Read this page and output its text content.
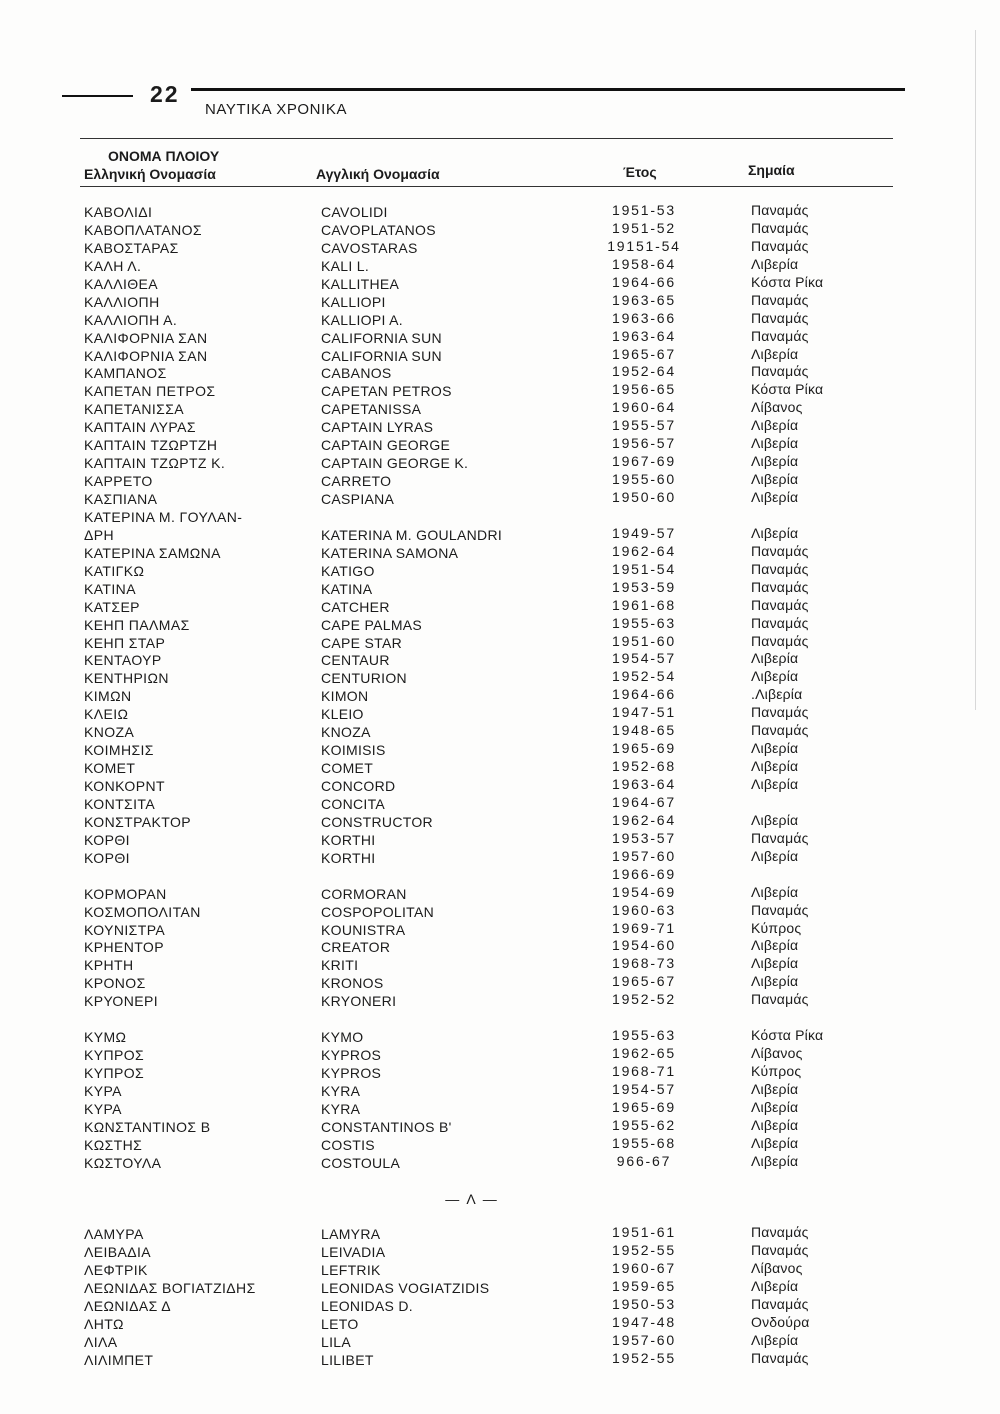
22
ΝΑΥΤΙΚΑ ΧΡΟΝΙΚΑ
ΟΝΟΜΑ ΠΛΟΙΟΥ
Ελληνική Ονομασία	Αγγλική Ονομασία	Έτος	Σημαία
ΚΑΒΟΛΙΔΙ	CAVOLIDI	1951-53	Παναμάς
ΚΑΒΟΠΛΑΤΑΝΟΣ	CAVOPLATANOS	1951-52	Παναμάς
ΚΑΒΟΣΤΑΡΑΣ	CAVOSTARAS	19151-54	Παναμάς
ΚΑΛΗ Λ.	KALI L.	1958-64	Λιβερία
ΚΑΛΛΙΘΕΑ	KALLITHEA	1964-66	Κόστα Ρίκα
ΚΑΛΛΙΟΠΗ	KALLIOPI	1963-65	Παναμάς
ΚΑΛΛΙΟΠΗ Α.	KALLIOPI A.	1963-66	Παναμάς
ΚΑΛΙΦΟΡΝΙΑ ΣΑΝ	CALIFORNIA SUN	1963-64	Παναμάς
ΚΑΛΙΦΟΡΝΙΑ ΣΑΝ	CALIFORNIA SUN	1965-67	Λιβερία
ΚΑΜΠΑΝΟΣ	CABANOS	1952-64	Παναμάς
ΚΑΠΕΤΑΝ ΠΕΤΡΟΣ	CAPETAN PETROS	1956-65	Κόστα Ρίκα
ΚΑΠΕΤΑΝΙΣΣΑ	CAPETANISSA	1960-64	Λίβανος
ΚΑΠΤΑΙΝ ΛΥΡΑΣ	CAPTAIN LYRAS	1955-57	Λιβερία
ΚΑΠΤΑΙΝ ΤΖΩΡΤΖΗ	CAPTAIN GEORGE	1956-57	Λιβερία
ΚΑΠΤΑΙΝ ΤΖΩΡΤΖ Κ.	CAPTAIN GEORGE K.	1967-69	Λιβερία
ΚΑΡΡΕΤΟ	CARRETO	1955-60	Λιβερία
ΚΑΣΠΙΑΝΑ	CASPIANA	1950-60	Λιβερία
ΚΑΤΕΡΙΝΑ Μ. ΓΟΥΛΑΝ-
ΔΡΗ	KATERINA M. GOULANDRI	1949-57	Λιβερία
ΚΑΤΕΡΙΝΑ ΣΑΜΩΝΑ	KATERINA SAMONA	1962-64	Παναμάς
ΚΑΤΙΓΚΩ	KATIGO	1951-54	Παναμάς
ΚΑΤΙΝΑ	KATINA	1953-59	Παναμάς
ΚΑΤΣΕΡ	CATCHER	1961-68	Παναμάς
ΚΕΗΠ ΠΑΛΜΑΣ	CAPE PALMAS	1955-63	Παναμάς
ΚΕΗΠ ΣΤΑΡ	CAPE STAR	1951-60	Παναμάς
ΚΕΝΤΑΟΥΡ	CENTAUR	1954-57	Λιβερία
ΚΕΝΤΗΡΙΩΝ	CENTURION	1952-54	Λιβερία
ΚΙΜΩΝ	KIMON	1964-66	.Λιβερία
ΚΛΕΙΩ	KLEIO	1947-51	Παναμάς
ΚΝΟΖΑ	KNOZA	1948-65	Παναμάς
ΚΟΙΜΗΣΙΣ	KOIMISIS	1965-69	Λιβερία
ΚΟΜΕΤ	COMET	1952-68	Λιβερία
ΚΟΝΚΟΡΝΤ	CONCORD	1963-64	Λιβερία
ΚΟΝΤΣΙΤΑ	CONCITA	1964-67
ΚΟΝΣΤΡΑΚΤΟΡ	CONSTRUCTOR	1962-64	Λιβερία
ΚΟΡΘΙ	KORTHI	1953-57	Παναμάς
ΚΟΡΘΙ	KORTHI	1957-60	Λιβερία
1966-69
ΚΟΡΜΟΡΑΝ	CORMORAN	1954-69	Λιβερία
ΚΟΣΜΟΠΟΛΙΤΑΝ	COSPOPOLITAN	1960-63	Παναμάς
ΚΟΥΝΙΣΤΡΑ	KOUNISTRA	1969-71	Κύπρος
ΚΡΗΕΝΤΟΡ	CREATOR	1954-60	Λιβερία
ΚΡΗΤΗ	KRITI	1968-73	Λιβερία
ΚΡΟΝΟΣ	KRONOS	1965-67	Λιβερία
ΚΡΥΟΝΕΡΙ	KRYONERI	1952-52	Παναμάς
ΚΥΜΩ	KYMO	1955-63	Κόστα Ρίκα
ΚΥΠΡΟΣ	KYPROS	1962-65	Λίβανος
ΚΥΠΡΟΣ	KYPROS	1968-71	Κύπρος
ΚΥΡΑ	KYRA	1954-57	Λιβερία
ΚΥΡΑ	KYRA	1965-69	Λιβερία
ΚΩΝΣΤΑΝΤΙΝΟΣ Β	CONSTANTINOS B'	1955-62	Λιβερία
ΚΩΣΤΗΣ	COSTIS	1955-68	Λιβερία
ΚΩΣΤΟΥΛΑ	COSTOULA	966-67	Λιβερία
— Λ —
ΛΑΜΥΡΑ	LAMYRA	1951-61	Παναμάς
ΛΕΙΒΑΔΙΑ	LEIVADIA	1952-55	Παναμάς
ΛΕΦΤΡΙΚ	LEFTRIK	1960-67	Λίβανος
ΛΕΩΝΙΔΑΣ ΒΟΓΙΑΤΖΙΔΗΣ	LEONIDAS VOGIATZIDIS	1959-65	Λιβερία
ΛΕΩΝΙΔΑΣ Δ	LEONIDAS D.	1950-53	Παναμάς
ΛΗΤΩ	LETO	1947-48	Ονδούρα
ΛΙΛΑ	LILA	1957-60	Λιβερία
ΛΙΛΙΜΠΕΤ	LILIBET	1952-55	Παναμάς
